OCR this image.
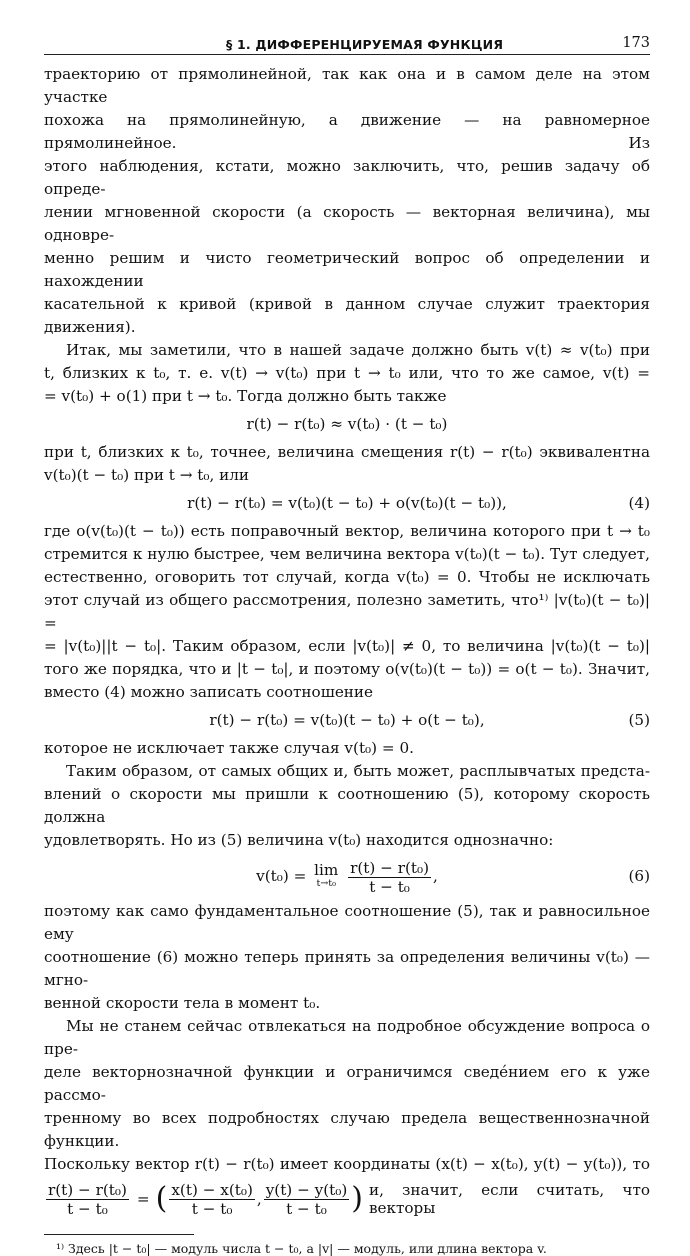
§ 1. ДИФФЕРЕНЦИРУЕМАЯ ФУНКЦИЯ	173

траекторию от прямолинейной, так как она и в самом деле на этом участке

похожа на прямолинейную, а движение — на равномерное прямолинейное. Из

этого наблюдения, кстати, можно заключить, что, решив задачу об опреде-

лении мгновенной скорости (а скорость — векторная величина), мы одновре-

менно решим и чисто геометрический вопрос об определении и нахождении

касательной к кривой (кривой в данном случае служит траектория движения).

Итак, мы заметили, что в нашей задаче должно быть v(t) ≈ v(t₀) при

t, близких к t₀, т. е. v(t) → v(t₀) при t → t₀ или, что то же самое, v(t) =

= v(t₀) + o(1) при t → t₀. Тогда должно быть также

r(t) − r(t₀) ≈ v(t₀) · (t − t₀)

при t, близких к t₀, точнее, величина смещения r(t) − r(t₀) эквивалентна

v(t₀)(t − t₀) при t → t₀, или

r(t) − r(t₀) = v(t₀)(t − t₀) + o(v(t₀)(t − t₀)),	(4)

где o(v(t₀)(t − t₀)) есть поправочный вектор, величина которого при t → t₀

стремится к нулю быстрее, чем величина вектора v(t₀)(t − t₀). Тут следует,

естественно, оговорить тот случай, когда v(t₀) = 0. Чтобы не исключать

этот случай из общего рассмотрения, полезно заметить, что¹⁾ |v(t₀)(t − t₀)| =

= |v(t₀)||t − t₀|. Таким образом, если |v(t₀)| ≠ 0, то величина |v(t₀)(t − t₀)|

того же порядка, что и |t − t₀|, и поэтому o(v(t₀)(t − t₀)) = o(t − t₀). Значит,

вместо (4) можно записать соотношение

r(t) − r(t₀) = v(t₀)(t − t₀) + o(t − t₀),	(5)

которое не исключает также случая v(t₀) = 0.

Таким образом, от самых общих и, быть может, расплывчатых предста-

влений о скорости мы пришли к соотношению (5), которому скорость должна

удовлетворять. Но из (5) величина v(t₀) находится однозначно:

v(t₀) = lim
t→t₀
$\frac{\text{r(t) − r(t₀)}}{\text{t − t₀}}$ ,	(6)

поэтому как само фундаментальное соотношение (5), так и равносильное ему

соотношение (6) можно теперь принять за определения величины v(t₀) — мгно-

венной скорости тела в момент t₀.

Мы не станем сейчас отвлекаться на подробное обсуждение вопроса о пре-

деле векторнозначной функции и ограничимся сведе́нием его к уже рассмо-

тренному во всех подробностях случаю предела вещественнозначной функции.

Поскольку вектор r(t) − r(t₀) имеет координаты (x(t) − x(t₀), y(t) − y(t₀)), то

$\frac{\text{r(t) − r(t₀)}}{\text{t − t₀}}$ = ( $\frac{\text{x(t) − x(t₀)}}{\text{t − t₀}}$ , $\frac{\text{y(t) − y(t₀)}}{\text{t − t₀}}$ ) и, значит, если считать, что векторы
¹⁾ Здесь |t − t₀| — модуль числа t − t₀, а |v| — модуль, или длина вектора v.
